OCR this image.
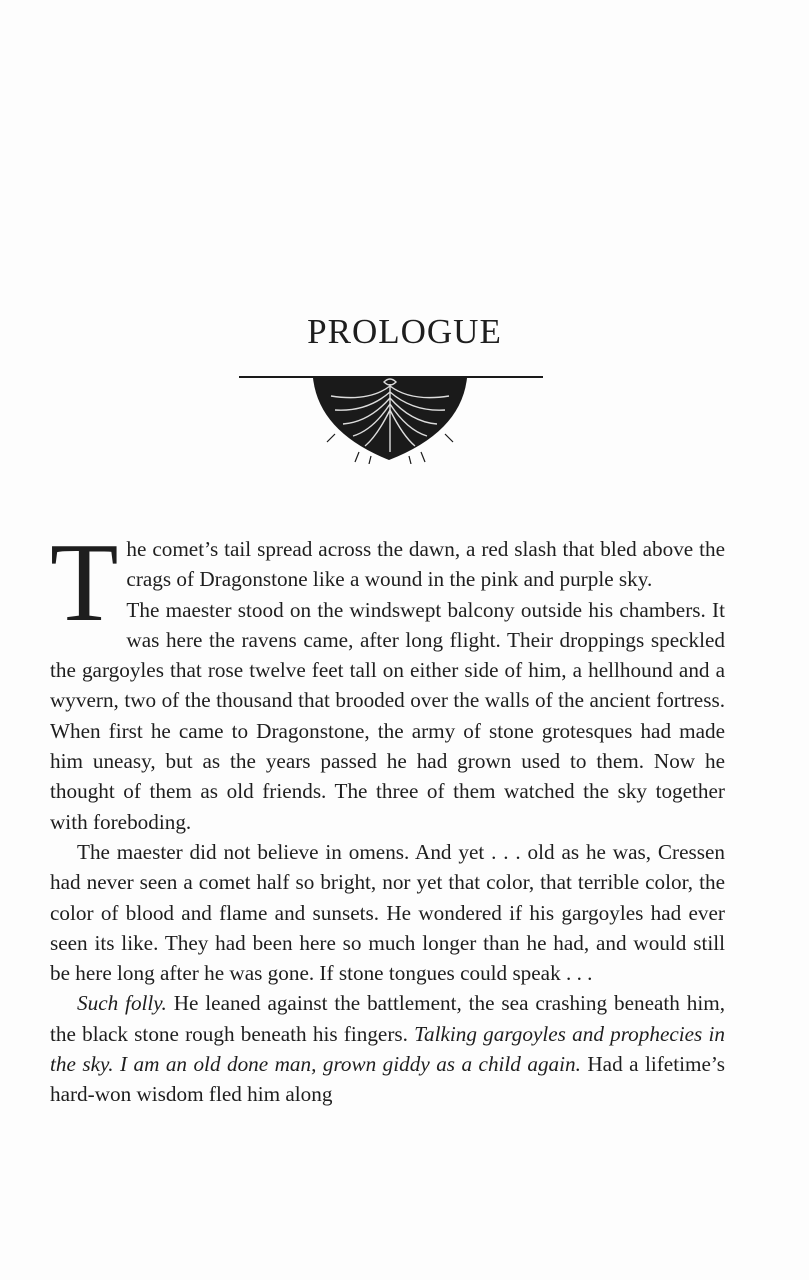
PROLOGUE

The comet’s tail spread across the dawn, a red slash that bled above the crags of Dragonstone like a wound in the pink and purple sky.

The maester stood on the windswept balcony outside his chambers. It was here the ravens came, after long flight. Their droppings speckled the gargoyles that rose twelve feet tall on either side of him, a hellhound and a wyvern, two of the thousand that brooded over the walls of the ancient fortress. When first he came to Dragonstone, the army of stone grotesques had made him uneasy, but as the years passed he had grown used to them. Now he thought of them as old friends. The three of them watched the sky together with foreboding.

The maester did not believe in omens. And yet . . . old as he was, Cressen had never seen a comet half so bright, nor yet that color, that terrible color, the color of blood and flame and sunsets. He wondered if his gargoyles had ever seen its like. They had been here so much longer than he had, and would still be here long after he was gone. If stone tongues could speak . . .

Such folly. He leaned against the battlement, the sea crashing beneath him, the black stone rough beneath his fingers. Talking gargoyles and prophecies in the sky. I am an old done man, grown giddy as a child again. Had a lifetime’s hard-won wisdom fled him along
